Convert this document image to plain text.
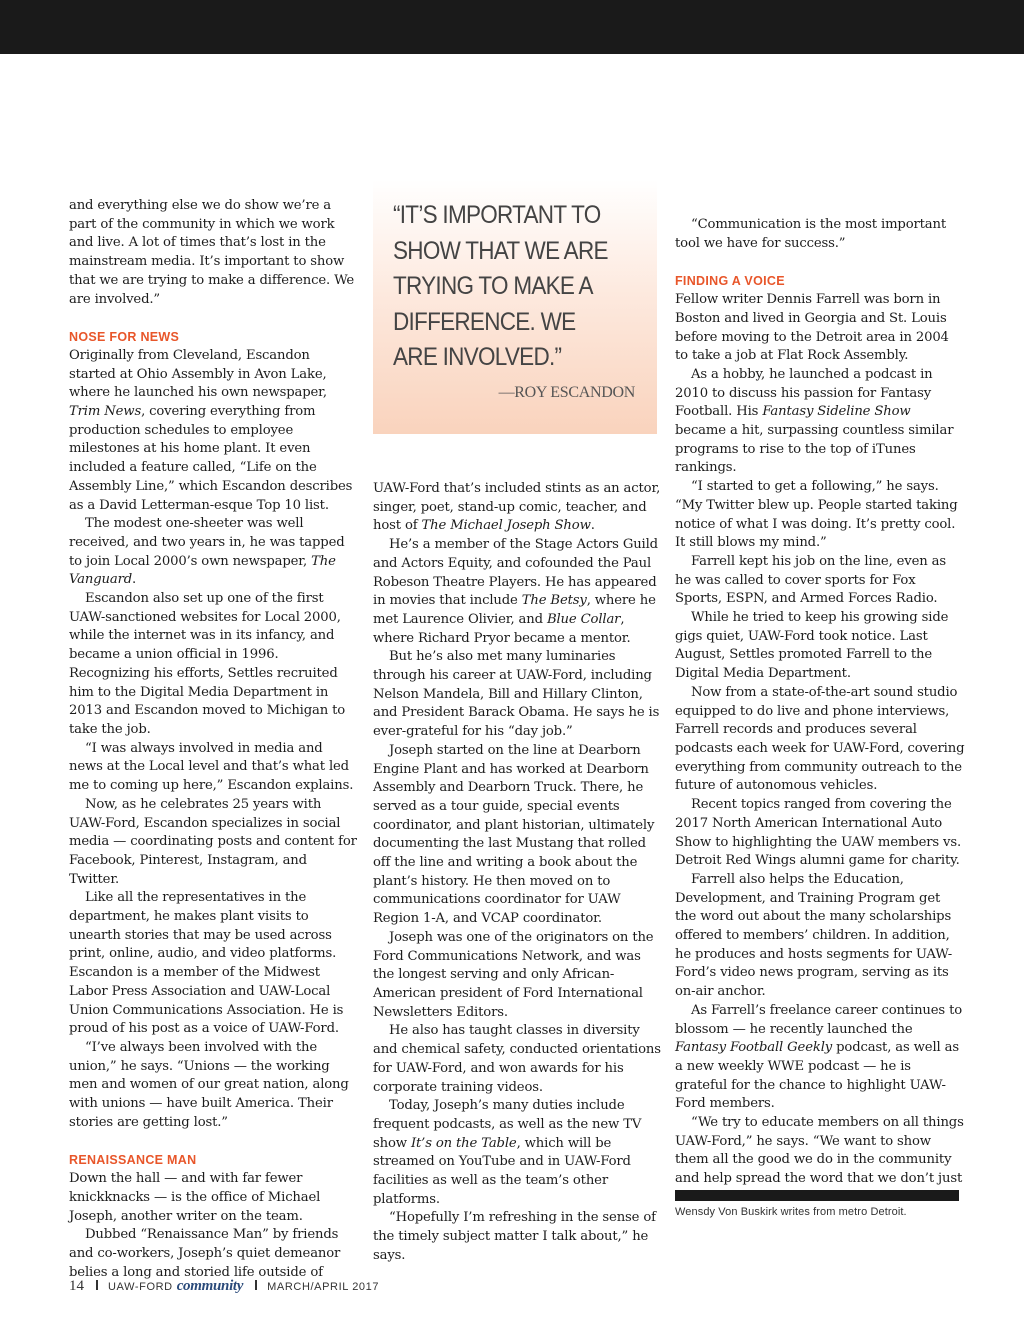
and everything else we do show we’re a part of the community in which we work and live. A lot of times that’s lost in the mainstream media. It’s important to show that we are trying to make a difference. We are involved.”

NOSE FOR NEWS

Originally from Cleveland, Escandon started at Ohio Assembly in Avon Lake, where he launched his own newspaper, Trim News, covering everything from production schedules to employee milestones at his home plant. It even included a feature called, “Life on the Assembly Line,” which Escandon describes as a David Letterman-esque Top 10 list.

The modest one-sheeter was well received, and two years in, he was tapped to join Local 2000’s own newspaper, The Vanguard.

Escandon also set up one of the first UAW-sanctioned websites for Local 2000, while the internet was in its infancy, and became a union official in 1996. Recognizing his efforts, Settles recruited him to the Digital Media Department in 2013 and Escandon moved to Michigan to take the job.

“I was always involved in media and news at the Local level and that’s what led me to coming up here,” Escandon explains.

Now, as he celebrates 25 years with UAW-Ford, Escandon specializes in social media — coordinating posts and content for Facebook, Pinterest, Instagram, and Twitter.

Like all the representatives in the department, he makes plant visits to unearth stories that may be used across print, online, audio, and video platforms. Escandon is a member of the Midwest Labor Press Association and UAW-Local Union Communications Association. He is proud of his post as a voice of UAW-Ford.

“I’ve always been involved with the union,” he says. “Unions — the working men and women of our great nation, along with unions — have built America. Their stories are getting lost.”

RENAISSANCE MAN

Down the hall — and with far fewer knickknacks — is the office of Michael Joseph, another writer on the team.

Dubbed “Renaissance Man” by friends and co-workers, Joseph’s quiet demeanor belies a long and storied life outside of

“IT’S IMPORTANT TO SHOW THAT WE ARE TRYING TO MAKE A DIFFERENCE. WE ARE INVOLVED.”
—ROY ESCANDON

UAW-Ford that’s included stints as an actor, singer, poet, stand-up comic, teacher, and host of The Michael Joseph Show.

He’s a member of the Stage Actors Guild and Actors Equity, and cofounded the Paul Robeson Theatre Players. He has appeared in movies that include The Betsy, where he met Laurence Olivier, and Blue Collar, where Richard Pryor became a mentor.

But he’s also met many luminaries through his career at UAW-Ford, including Nelson Mandela, Bill and Hillary Clinton, and President Barack Obama. He says he is ever-grateful for his “day job.”

Joseph started on the line at Dearborn Engine Plant and has worked at Dearborn Assembly and Dearborn Truck. There, he served as a tour guide, special events coordinator, and plant historian, ultimately documenting the last Mustang that rolled off the line and writing a book about the plant’s history. He then moved on to communications coordinator for UAW Region 1-A, and VCAP coordinator.

Joseph was one of the originators on the Ford Communications Network, and was the longest serving and only African-American president of Ford International Newsletters Editors.

He also has taught classes in diversity and chemical safety, conducted orientations for UAW-Ford, and won awards for his corporate training videos.

Today, Joseph’s many duties include frequent podcasts, as well as the new TV show It’s on the Table, which will be streamed on YouTube and in UAW-Ford facilities as well as the team’s other platforms.

“Hopefully I’m refreshing in the sense of the timely subject matter I talk about,” he says.

“Communication is the most important tool we have for success.”

FINDING A VOICE

Fellow writer Dennis Farrell was born in Boston and lived in Georgia and St. Louis before moving to the Detroit area in 2004 to take a job at Flat Rock Assembly.

As a hobby, he launched a podcast in 2010 to discuss his passion for Fantasy Football. His Fantasy Sideline Show became a hit, surpassing countless similar programs to rise to the top of iTunes rankings.

“I started to get a following,” he says. “My Twitter blew up. People started taking notice of what I was doing. It’s pretty cool. It still blows my mind.”

Farrell kept his job on the line, even as he was called to cover sports for Fox Sports, ESPN, and Armed Forces Radio.

While he tried to keep his growing side gigs quiet, UAW-Ford took notice. Last August, Settles promoted Farrell to the Digital Media Department.

Now from a state-of-the-art sound studio equipped to do live and phone interviews, Farrell records and produces several podcasts each week for UAW-Ford, covering everything from community outreach to the future of autonomous vehicles.

Recent topics ranged from covering the 2017 North American International Auto Show to highlighting the UAW members vs. Detroit Red Wings alumni game for charity.

Farrell also helps the Education, Development, and Training Program get the word out about the many scholarships offered to members’ children. In addition, he produces and hosts segments for UAW-Ford’s video news program, serving as its on-air anchor.

As Farrell’s freelance career continues to blossom — he recently launched the Fantasy Football Geekly podcast, as well as a new weekly WWE podcast — he is grateful for the chance to highlight UAW-Ford members.

“We try to educate members on all things UAW-Ford,” he says. “We want to show them all the good we do in the community and help spread the word that we don’t just

Wensdy Von Buskirk writes from metro Detroit.
14 UAW-FORD community MARCH/APRIL 2017
